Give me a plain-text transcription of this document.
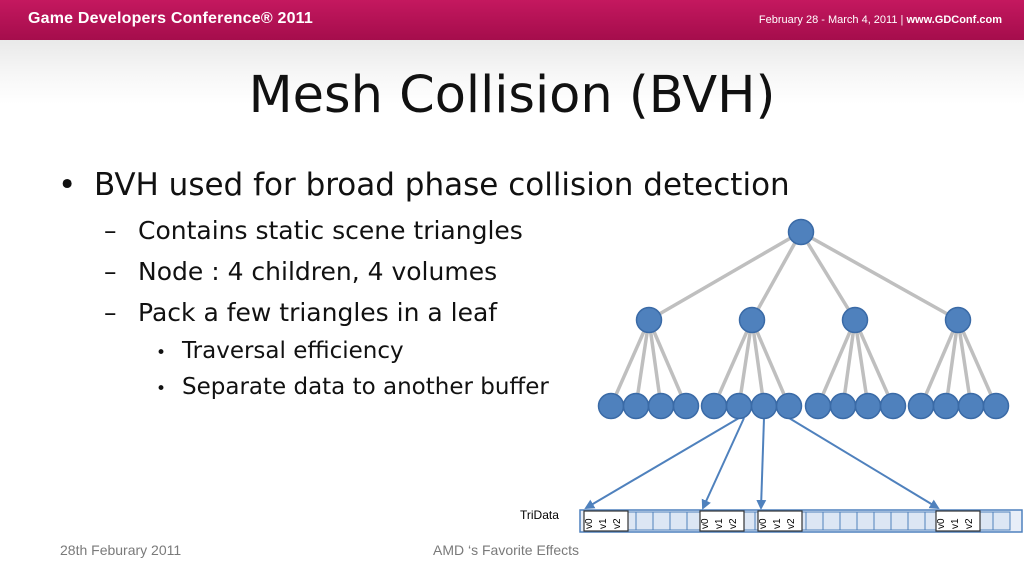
Game Developers Conference® 2011	February 28 - March 4, 2011 | www.GDConf.com
Mesh Collision (BVH)
• BVH used for broad phase collision detection
– Contains static scene triangles
– Node : 4 children, 4 volumes
– Pack a few triangles in a leaf
• Traversal efficiency
• Separate data to another buffer
v0 v1 v2	v0 v1 v2 v0 v1 v2	v0 v1 v2
TriData
28th Feburary 2011	AMD ‘s Favorite Effects
